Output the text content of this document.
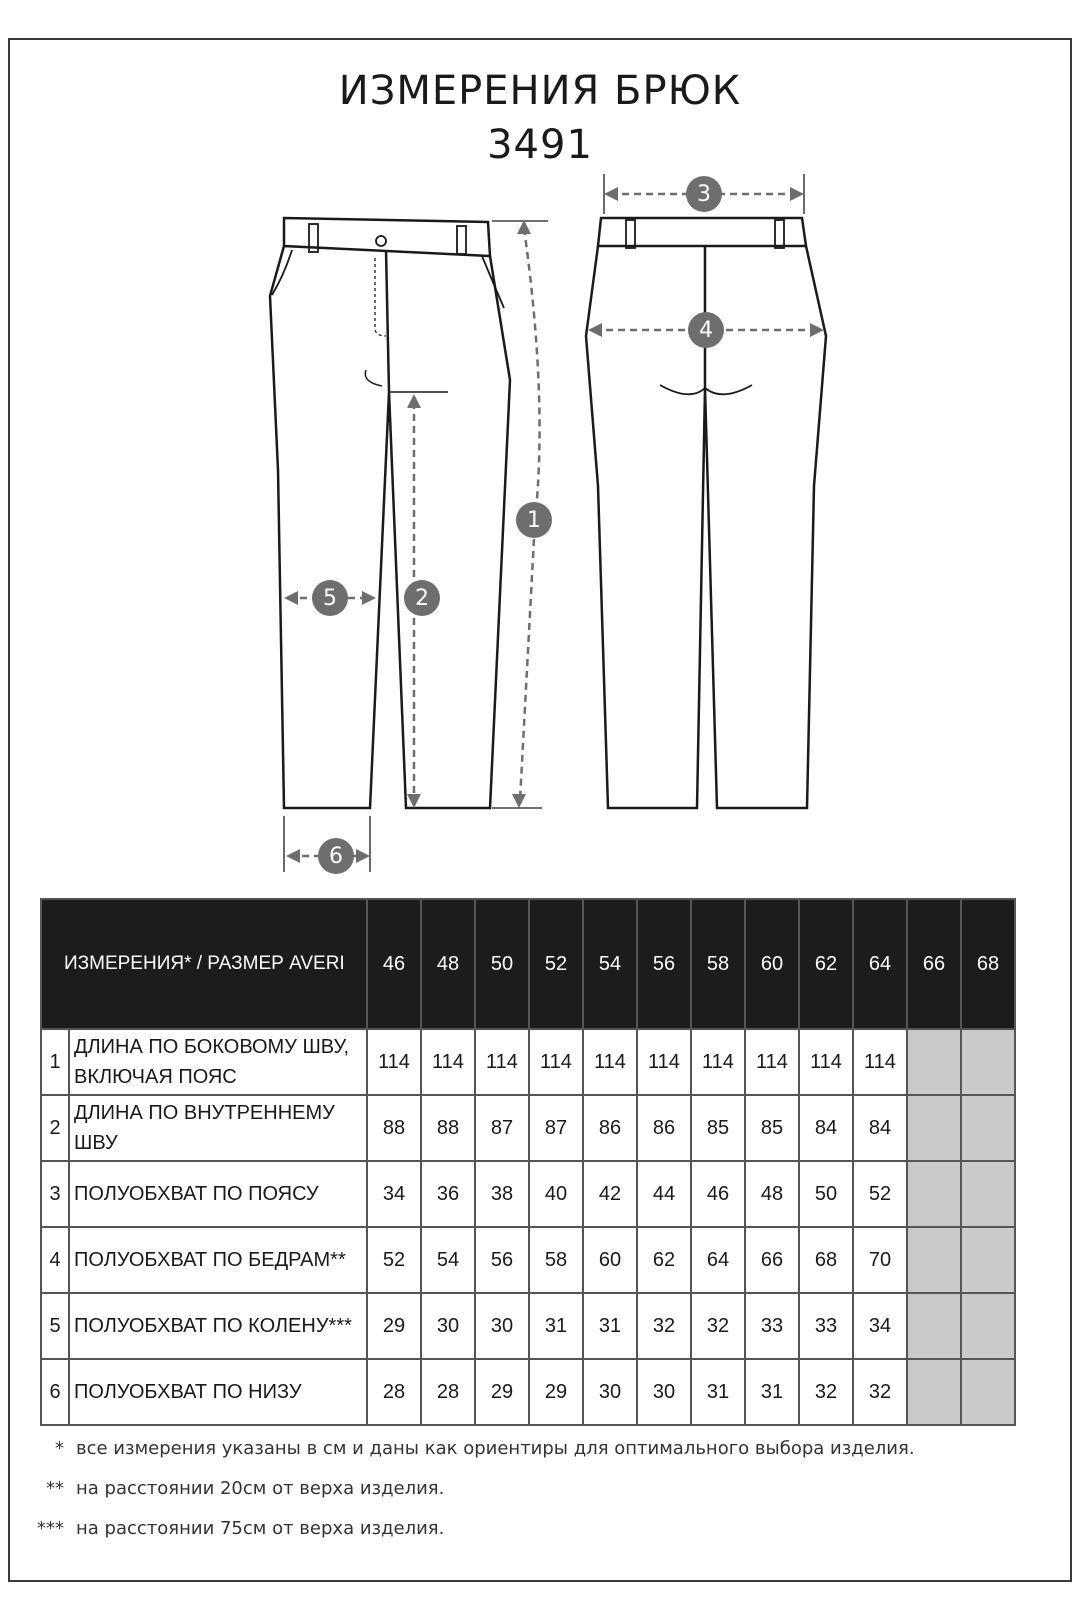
ИЗМЕРЕНИЯ БРЮК
3491
1
2
3
4
5
6
ИЗМЕРЕНИЯ* / РАЗМЕР AVERI		46	48	50	52	54	56	58	60	62	64	66	68
1	ДЛИНА ПО БОКОВОМУ ШВУ,
ВКЛЮЧАЯ ПОЯС	114	114	114	114	114	114	114	114	114	114		
2	ДЛИНА ПО ВНУТРЕННЕМУ
ШВУ	88	88	87	87	86	86	85	85	84	84		
3	ПОЛУОБХВАТ ПО ПОЯСУ	34	36	38	40	42	44	46	48	50	52		
4	ПОЛУОБХВАТ ПО БЕДРАМ**	52	54	56	58	60	62	64	66	68	70		
5	ПОЛУОБХВАТ ПО КОЛЕНУ***	29	30	30	31	31	32	32	33	33	34		
6	ПОЛУОБХВАТ ПО НИЗУ	28	28	29	29	30	30	31	31	32	32		
* все измерения указаны в см и даны как ориентиры для оптимального выбора изделия.
** на расстоянии 20см от верха изделия.
*** на расстоянии 75см от верха изделия.
